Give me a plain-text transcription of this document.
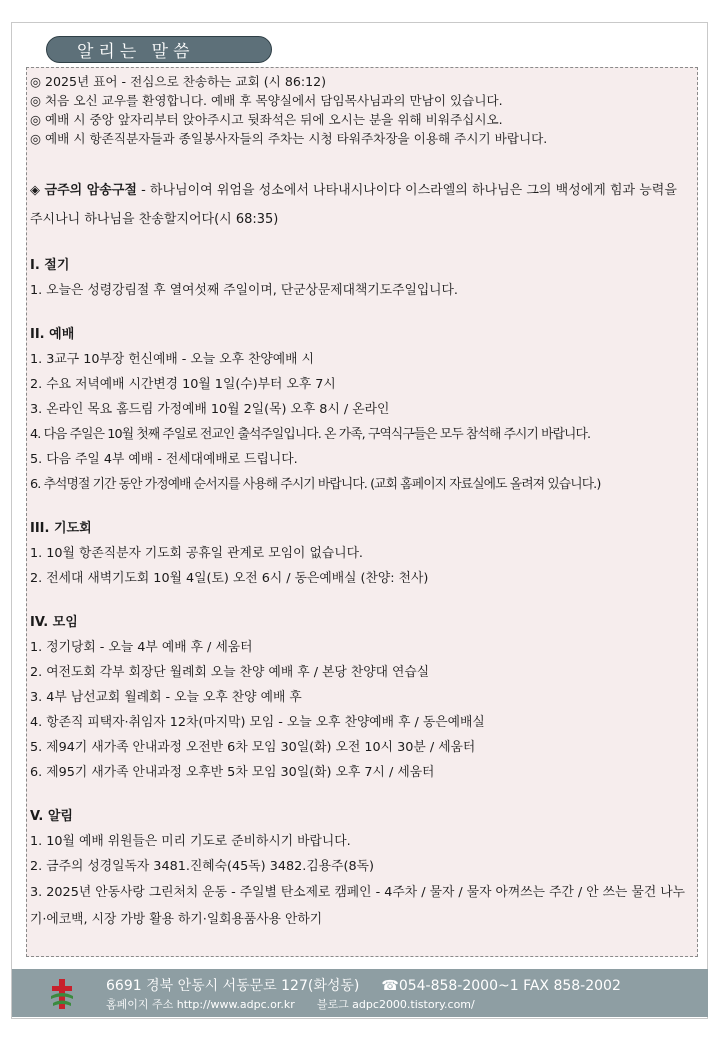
알리는 말씀
◎ 2025년 표어 - 전심으로 찬송하는 교회 (시 86:12)
◎ 처음 오신 교우를 환영합니다. 예배 후 목양실에서 담임목사님과의 만남이 있습니다.
◎ 예배 시 중앙 앞자리부터 앉아주시고 뒷좌석은 뒤에 오시는 분을 위해 비워주십시오.
◎ 예배 시 항존직분자들과 종일봉사자들의 주차는 시청 타워주차장을 이용해 주시기 바랍니다.
◈ 금주의 암송구절 - 하나님이여 위엄을 성소에서 나타내시나이다 이스라엘의 하나님은 그의 백성에게 힘과 능력을 주시나니 하나님을 찬송할지어다(시 68:35)
I. 절기
1. 오늘은 성령강림절 후 열여섯째 주일이며, 단군상문제대책기도주일입니다.
II. 예배
1. 3교구 10부장 헌신예배 - 오늘 오후 찬양예배 시
2. 수요 저녁예배 시간변경 10월 1일(수)부터 오후 7시
3. 온라인 목요 홈드림 가정예배 10월 2일(목) 오후 8시 / 온라인
4. 다음 주일은 10월 첫째 주일로 전교인 출석주일입니다. 온 가족, 구역식구들은 모두 참석해 주시기 바랍니다.
5. 다음 주일 4부 예배 - 전세대예배로 드립니다.
6. 추석명절 기간 동안 가정예배 순서지를 사용해 주시기 바랍니다. (교회 홈페이지 자료실에도 올려져 있습니다.)
III. 기도회
1. 10월 항존직분자 기도회 공휴일 관계로 모임이 없습니다.
2. 전세대 새벽기도회 10월 4일(토) 오전 6시 / 동은예배실 (찬양: 천사)
IV. 모임
1. 정기당회 - 오늘 4부 예배 후 / 세움터
2. 여전도회 각부 회장단 월례회 오늘 찬양 예배 후 / 본당 찬양대 연습실
3. 4부 남선교회 월례회 - 오늘 오후 찬양 예배 후
4. 항존직 피택자·취임자 12차(마지막) 모임 - 오늘 오후 찬양예배 후 / 동은예배실
5. 제94기 새가족 안내과정 오전반 6차 모임 30일(화) 오전 10시 30분 / 세움터
6. 제95기 새가족 안내과정 오후반 5차 모임 30일(화) 오후 7시 / 세움터
V. 알림
1. 10월 예배 위원들은 미리 기도로 준비하시기 바랍니다.
2. 금주의 성경일독자 3481.진혜숙(45독) 3482.김용주(8독)
3. 2025년 안동사랑 그린처치 운동 - 주일별 탄소제로 캠페인 - 4주차 / 물자 / 물자 아껴쓰는 주간 / 안 쓰는 물건 나누기·에코백, 시장 가방 활용 하기·일회용품사용 안하기
6691 경북 안동시 서동문로 127(화성동) ☎054-858-2000~1 FAX 858-2002
홈페이지 주소 http://www.adpc.or.kr 블로그 adpc2000.tistory.com/
